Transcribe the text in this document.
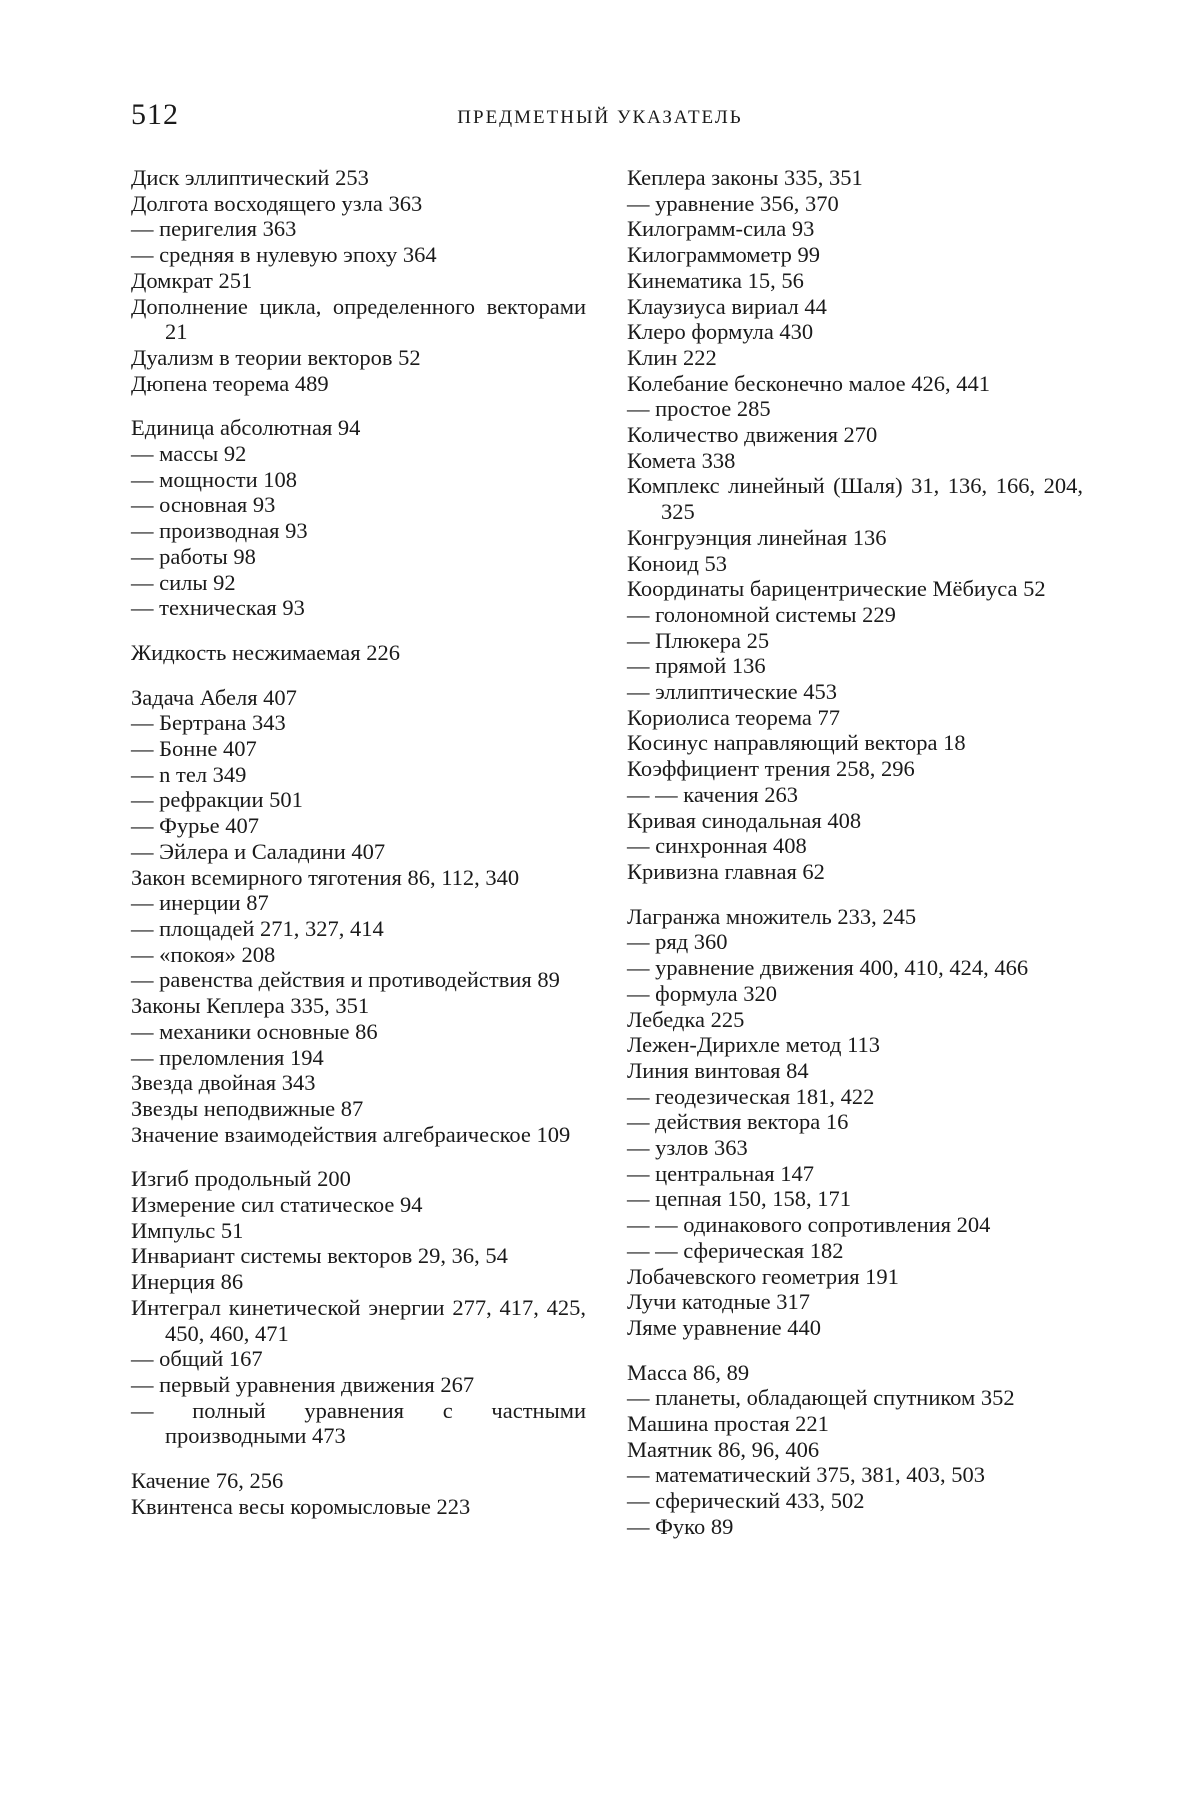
512	ПРЕДМЕТНЫЙ УКАЗАТЕЛЬ
Диск эллиптический 253
Долгота восходящего узла 363
— перигелия 363
— средняя в нулевую эпоху 364
Домкрат 251
Дополнение цикла, определенного векторами 21
Дуализм в теории векторов 52
Дюпена теорема 489
Единица абсолютная 94
— массы 92
— мощности 108
— основная 93
— производная 93
— работы 98
— силы 92
— техническая 93
Жидкость несжимаемая 226
Задача Абеля 407
— Бертрана 343
— Бонне 407
— n тел 349
— рефракции 501
— Фурье 407
— Эйлера и Саладини 407
Закон всемирного тяготения 86, 112, 340
— инерции 87
— площадей 271, 327, 414
— «покоя» 208
— равенства действия и противодействия 89
Законы Кеплера 335, 351
— механики основные 86
— преломления 194
Звезда двойная 343
Звезды неподвижные 87
Значение взаимодействия алгебраическое 109
Изгиб продольный 200
Измерение сил статическое 94
Импульс 51
Инвариант системы векторов 29, 36, 54
Инерция 86
Интеграл кинетической энергии 277, 417, 425, 450, 460, 471
— общий 167
— первый уравнения движения 267
— полный уравнения с частными производными 473
Качение 76, 256
Квинтенса весы коромысловые 223
Кеплера законы 335, 351
— уравнение 356, 370
Килограмм-сила 93
Килограммометр 99
Кинематика 15, 56
Клаузиуса вириал 44
Клеро формула 430
Клин 222
Колебание бесконечно малое 426, 441
— простое 285
Количество движения 270
Комета 338
Комплекс линейный (Шаля) 31, 136, 166, 204, 325
Конгруэнция линейная 136
Коноид 53
Координаты барицентрические Мёбиуса 52
— голономной системы 229
— Плюкера 25
— прямой 136
— эллиптические 453
Кориолиса теорема 77
Косинус направляющий вектора 18
Коэффициент трения 258, 296
— — качения 263
Кривая синодальная 408
— синхронная 408
Кривизна главная 62
Лагранжа множитель 233, 245
— ряд 360
— уравнение движения 400, 410, 424, 466
— формула 320
Лебедка 225
Лежен-Дирихле метод 113
Линия винтовая 84
— геодезическая 181, 422
— действия вектора 16
— узлов 363
— центральная 147
— цепная 150, 158, 171
— — одинакового сопротивления 204
— — сферическая 182
Лобачевского геометрия 191
Лучи катодные 317
Ляме уравнение 440
Масса 86, 89
— планеты, обладающей спутником 352
Машина простая 221
Маятник 86, 96, 406
— математический 375, 381, 403, 503
— сферический 433, 502
— Фуко 89
